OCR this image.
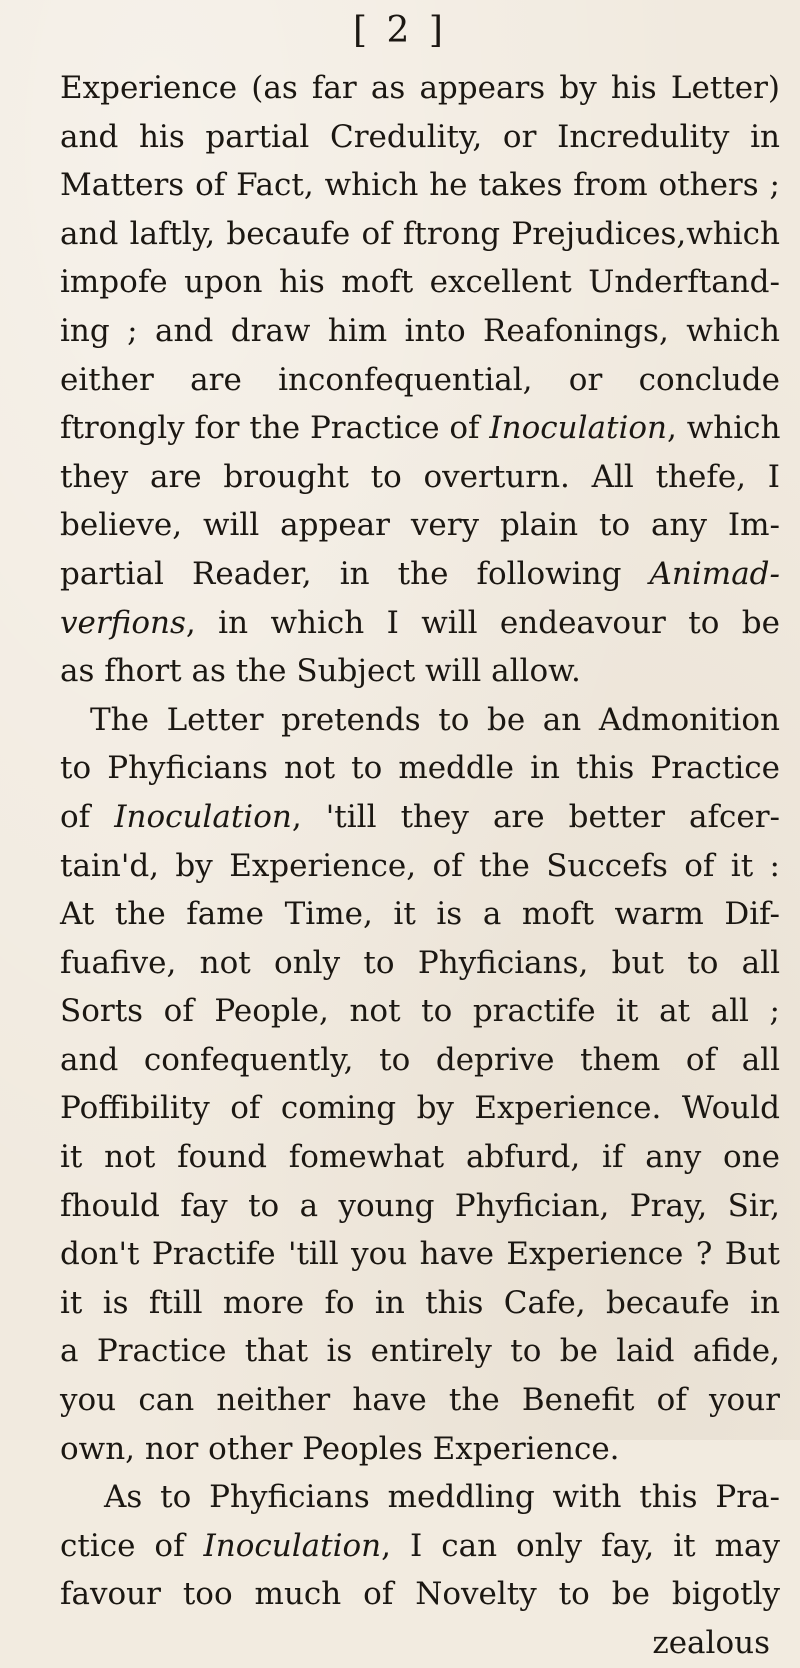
[ 2 ]
Experience (as far as appears by his Letter)
and his partial Credulity, or Incredulity in
Matters of Fact, which he takes from others ;
and laftly, becaufe of ftrong Prejudices,which
impofe upon his moft excellent Underftand-
ing ; and draw him into Reafonings, which
either are inconfequential, or conclude
ftrongly for the Practice of Inoculation, which
they are brought to overturn. All thefe, I
believe, will appear very plain to any Im-
partial Reader, in the following Animad-
verfions, in which I will endeavour to be
as fhort as the Subject will allow.
The Letter pretends to be an Admonition
to Phyficians not to meddle in this Practice
of Inoculation, 'till they are better afcer-
tain'd, by Experience, of the Succefs of it :
At the fame Time, it is a moft warm Dif-
fuafive, not only to Phyficians, but to all
Sorts of People, not to practife it at all ;
and confequently, to deprive them of all
Poffibility of coming by Experience. Would
it not found fomewhat abfurd, if any one
fhould fay to a young Phyfician, Pray, Sir,
don't Practife 'till you have Experience ? But
it is ftill more fo in this Cafe, becaufe in
a Practice that is entirely to be laid afide,
you can neither have the Benefit of your
own, nor other Peoples Experience.
As to Phyficians meddling with this Pra-
ctice of Inoculation, I can only fay, it may
favour too much of Novelty to be bigotly
zealous
